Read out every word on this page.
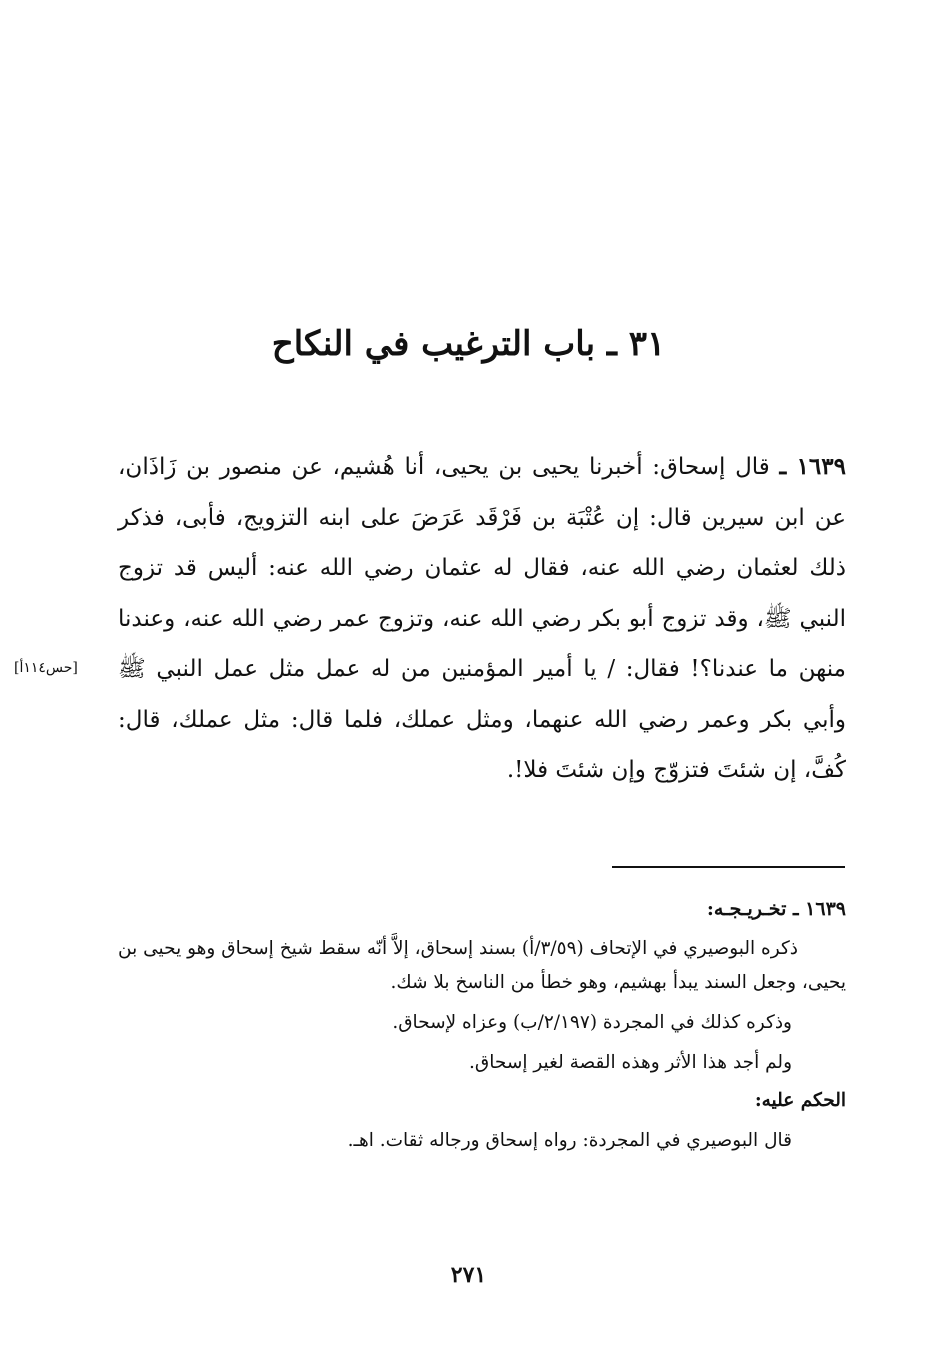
٣١ ـ باب الترغيب في النكاح

١٦٣٩ ـ قال إسحاق: أخبرنا يحيى بن يحيى، أنا هُشيم، عن منصور بن زَاذَان، عن ابن سيرين قال: إن عُتْبَة بن فَرْقَد عَرَضَ على ابنه التزويج، فأبى، فذكر ذلك لعثمان رضي الله عنه، فقال له عثمان رضي الله عنه: أليس قد تزوج النبي ﷺ، وقد تزوج أبو بكر رضي الله عنه، وتزوج عمر رضي الله عنه، وعندنا منهن ما عندنا؟! فقال: / يا أمير المؤمنين من له عمل مثل عمل النبي ﷺ وأبي بكر وعمر رضي الله عنهما، ومثل عملك، فلما قال: مثل عملك، قال: كُفَّ، إن شئتَ فتزوّج وإن شئتَ فلا!.

[حس١١٤أ]

١٦٣٩ ـ تخـريـجـه:

ذكره البوصيري في الإتحاف (٣/٥٩/أ) بسند إسحاق، إلاَّ أنّه سقط شيخ إسحاق وهو يحيى بن يحيى، وجعل السند يبدأ بهشيم، وهو خطأ من الناسخ بلا شك.

وذكره كذلك في المجردة (٢/١٩٧/ب) وعزاه لإسحاق.

ولم أجد هذا الأثر وهذه القصة لغير إسحاق.

الحكم عليه:

قال البوصيري في المجردة: رواه إسحاق ورجاله ثقات. اهـ.

٢٧١
